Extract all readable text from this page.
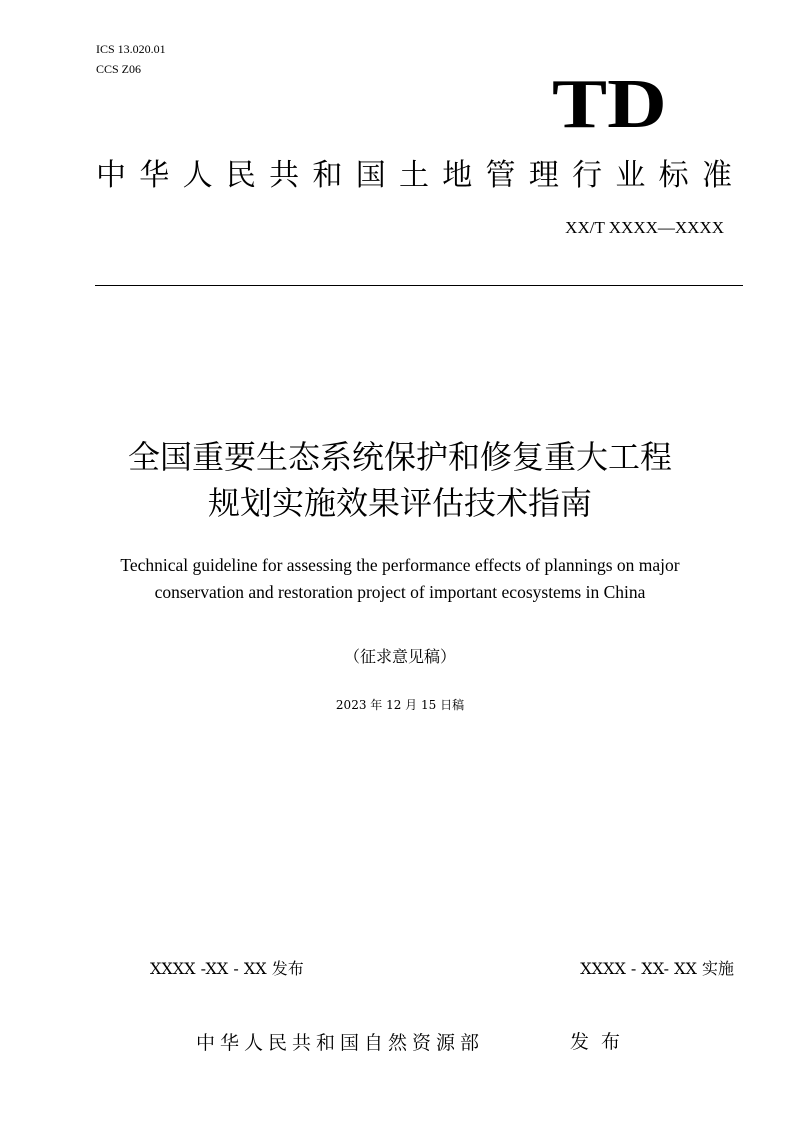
ICS 13.020.01
CCS Z06	TD
中 华 人 民 共 和 国 土 地 管 理 行 业 标 准
XX/T XXXX—XXXX
全国重要生态系统保护和修复重大工程
规划实施效果评估技术指南
Technical guideline for assessing the performance effects of plannings on major
conservation and restoration project of important ecosystems in China
（征求意见稿）
2023 年 12 月 15 日稿
XXXX -XX - XX 发布	XXXX - XX- XX 实施
中华人民共和国自然资源部	发布
